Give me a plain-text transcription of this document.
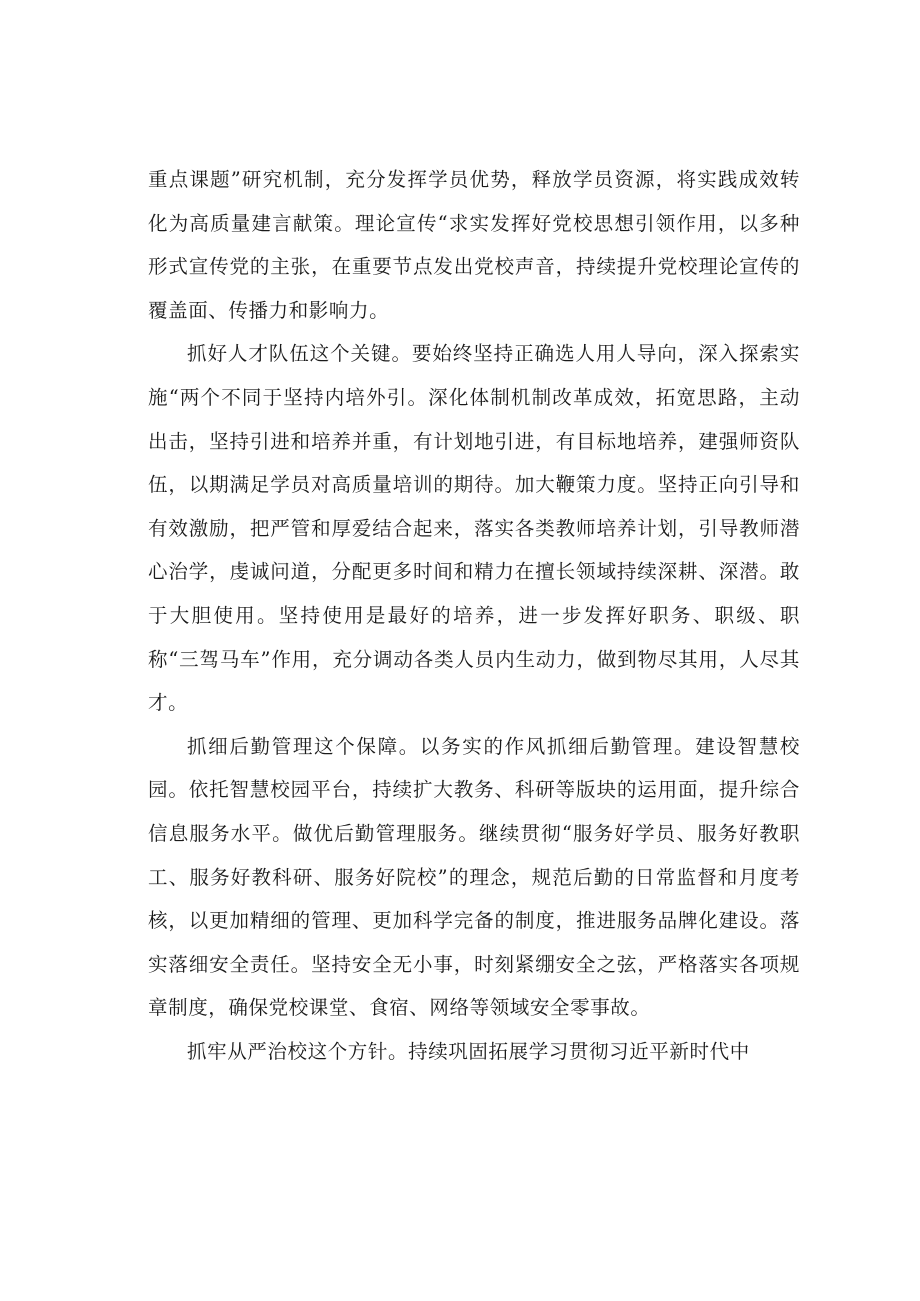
重点课题”研究机制，充分发挥学员优势，释放学员资源，将实践成效转化为高质量建言献策。理论宣传“求实发挥好党校思想引领作用，以多种形式宣传党的主张，在重要节点发出党校声音，持续提升党校理论宣传的覆盖面、传播力和影响力。

抓好人才队伍这个关键。要始终坚持正确选人用人导向，深入探索实施“两个不同于坚持内培外引。深化体制机制改革成效，拓宽思路，主动出击，坚持引进和培养并重，有计划地引进，有目标地培养，建强师资队伍，以期满足学员对高质量培训的期待。加大鞭策力度。坚持正向引导和有效激励，把严管和厚爱结合起来，落实各类教师培养计划，引导教师潜心治学，虔诚问道，分配更多时间和精力在擅长领域持续深耕、深潜。敢于大胆使用。坚持使用是最好的培养，进一步发挥好职务、职级、职称“三驾马车”作用，充分调动各类人员内生动力，做到物尽其用，人尽其才。

抓细后勤管理这个保障。以务实的作风抓细后勤管理。建设智慧校园。依托智慧校园平台，持续扩大教务、科研等版块的运用面，提升综合信息服务水平。做优后勤管理服务。继续贯彻“服务好学员、服务好教职工、服务好教科研、服务好院校”的理念，规范后勤的日常监督和月度考核，以更加精细的管理、更加科学完备的制度，推进服务品牌化建设。落实落细安全责任。坚持安全无小事，时刻紧绷安全之弦，严格落实各项规章制度，确保党校课堂、食宿、网络等领域安全零事故。

抓牢从严治校这个方针。持续巩固拓展学习贯彻习近平新时代中
